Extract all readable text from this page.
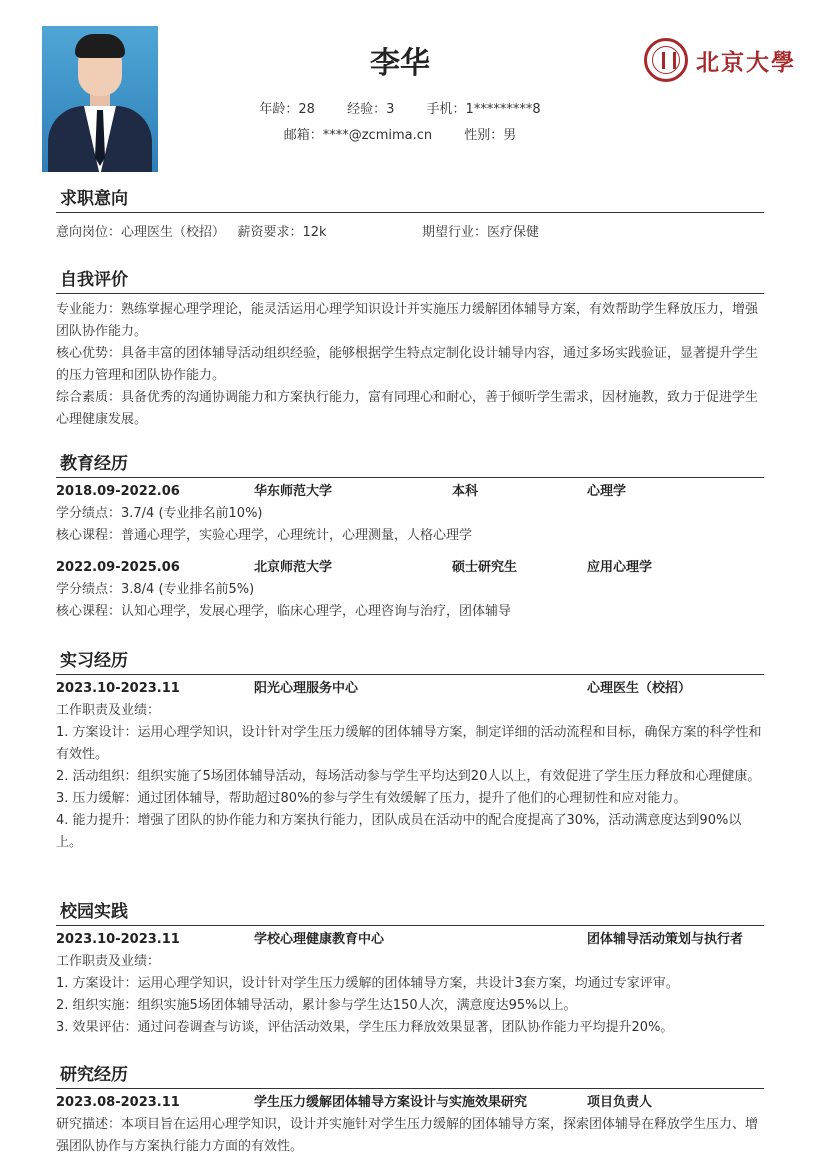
李华
年龄：28 经验：3 手机：1*********8
邮箱：****@zcmima.cn 性别：男
北京大學
求职意向
意向岗位：心理医生（校招） 薪资要求：12k	期望行业：医疗保健
自我评价
专业能力：熟练掌握心理学理论，能灵活运用心理学知识设计并实施压力缓解团体辅导方案，有效帮助学生释放压力，增强团队协作能力。
核心优势：具备丰富的团体辅导活动组织经验，能够根据学生特点定制化设计辅导内容，通过多场实践验证，显著提升学生的压力管理和团队协作能力。
综合素质：具备优秀的沟通协调能力和方案执行能力，富有同理心和耐心，善于倾听学生需求，因材施教，致力于促进学生心理健康发展。
教育经历
2018.09-2022.06	华东师范大学	本科	心理学
学分绩点：3.7/4 (专业排名前10%)
核心课程：普通心理学，实验心理学，心理统计，心理测量，人格心理学
2022.09-2025.06	北京师范大学	硕士研究生	应用心理学
学分绩点：3.8/4 (专业排名前5%)
核心课程：认知心理学，发展心理学，临床心理学，心理咨询与治疗，团体辅导
实习经历
2023.10-2023.11	阳光心理服务中心	心理医生（校招）
工作职责及业绩：
1. 方案设计：运用心理学知识，设计针对学生压力缓解的团体辅导方案，制定详细的活动流程和目标，确保方案的科学性和有效性。
2. 活动组织：组织实施了5场团体辅导活动，每场活动参与学生平均达到20人以上，有效促进了学生压力释放和心理健康。
3. 压力缓解：通过团体辅导，帮助超过80%的参与学生有效缓解了压力，提升了他们的心理韧性和应对能力。
4. 能力提升：增强了团队的协作能力和方案执行能力，团队成员在活动中的配合度提高了30%，活动满意度达到90%以上。
校园实践
2023.10-2023.11	学校心理健康教育中心	团体辅导活动策划与执行者
工作职责及业绩：
1. 方案设计：运用心理学知识，设计针对学生压力缓解的团体辅导方案，共设计3套方案，均通过专家评审。
2. 组织实施：组织实施5场团体辅导活动，累计参与学生达150人次，满意度达95%以上。
3. 效果评估：通过问卷调查与访谈，评估活动效果，学生压力释放效果显著，团队协作能力平均提升20%。
研究经历
2023.08-2023.11	学生压力缓解团体辅导方案设计与实施效果研究	项目负责人
研究描述：本项目旨在运用心理学知识，设计并实施针对学生压力缓解的团体辅导方案，探索团体辅导在释放学生压力、增强团队协作与方案执行能力方面的有效性。
